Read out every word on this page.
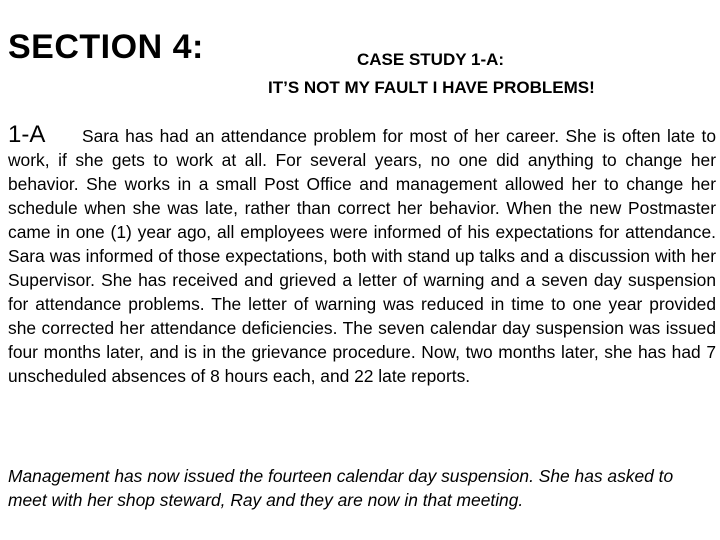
SECTION 4:	CASE STUDY 1-A:
IT’S NOT MY FAULT I HAVE PROBLEMS!
1-A	Sara has had an attendance problem for most of her career. She is often late to work, if she gets to work at all. For several years, no one did anything to change her behavior. She works in a small Post Office and management allowed her to change her schedule when she was late, rather than correct her behavior. When the new Postmaster came in one (1) year ago, all employees were informed of his expectations for attendance. Sara was informed of those expectations, both with stand up talks and a discussion with her Supervisor. She has received and grieved a letter of warning and a seven day suspension for attendance problems. The letter of warning was reduced in time to one year provided she corrected her attendance deficiencies. The seven calendar day suspension was issued four months later, and is in the grievance procedure. Now, two months later, she has had 7 unscheduled absences of 8 hours each, and 22 late reports.

Management has now issued the fourteen calendar day suspension. She has asked to meet with her shop steward, Ray and they are now in that meeting.
